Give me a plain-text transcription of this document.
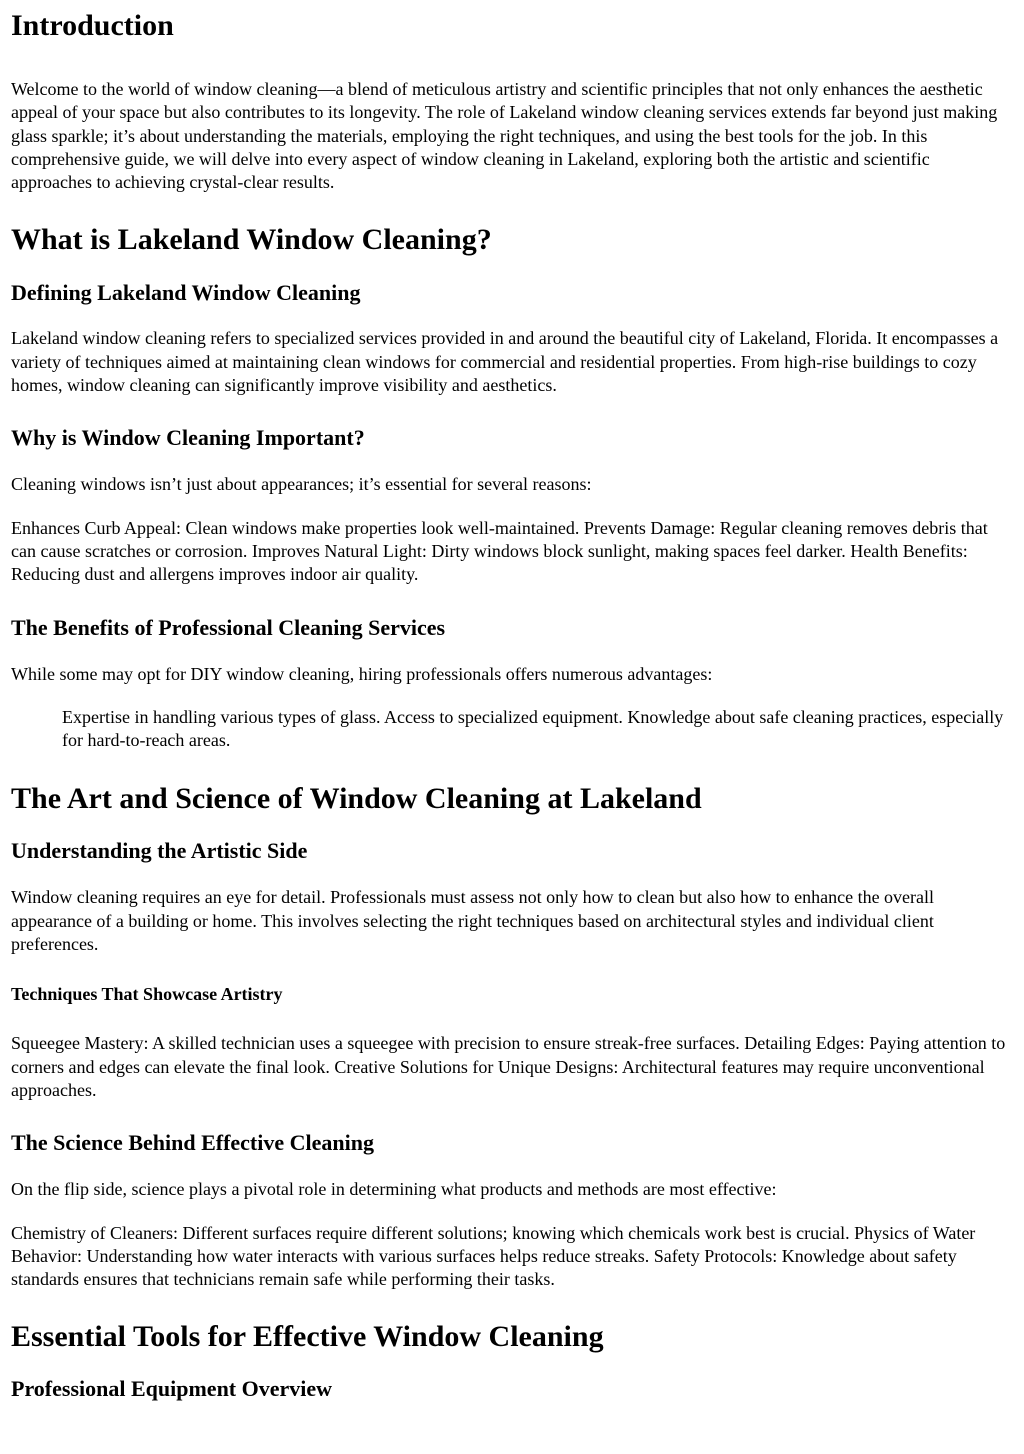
Introduction

Welcome to the world of window cleaning—a blend of meticulous artistry and scientific principles that not only enhances the aesthetic appeal of your space but also contributes to its longevity. The role of Lakeland window cleaning services extends far beyond just making glass sparkle; it’s about understanding the materials, employing the right techniques, and using the best tools for the job. In this comprehensive guide, we will delve into every aspect of window cleaning in Lakeland, exploring both the artistic and scientific approaches to achieving crystal-clear results.

What is Lakeland Window Cleaning?
Defining Lakeland Window Cleaning

Lakeland window cleaning refers to specialized services provided in and around the beautiful city of Lakeland, Florida. It encompasses a variety of techniques aimed at maintaining clean windows for commercial and residential properties. From high-rise buildings to cozy homes, window cleaning can significantly improve visibility and aesthetics.

Why is Window Cleaning Important?

Cleaning windows isn’t just about appearances; it’s essential for several reasons:

Enhances Curb Appeal: Clean windows make properties look well-maintained. Prevents Damage: Regular cleaning removes debris that can cause scratches or corrosion. Improves Natural Light: Dirty windows block sunlight, making spaces feel darker. Health Benefits: Reducing dust and allergens improves indoor air quality.

The Benefits of Professional Cleaning Services

While some may opt for DIY window cleaning, hiring professionals offers numerous advantages:

Expertise in handling various types of glass. Access to specialized equipment. Knowledge about safe cleaning practices, especially for hard-to-reach areas.

The Art and Science of Window Cleaning at Lakeland
Understanding the Artistic Side

Window cleaning requires an eye for detail. Professionals must assess not only how to clean but also how to enhance the overall appearance of a building or home. This involves selecting the right techniques based on architectural styles and individual client preferences.

Techniques That Showcase Artistry

Squeegee Mastery: A skilled technician uses a squeegee with precision to ensure streak-free surfaces. Detailing Edges: Paying attention to corners and edges can elevate the final look. Creative Solutions for Unique Designs: Architectural features may require unconventional approaches.

The Science Behind Effective Cleaning

On the flip side, science plays a pivotal role in determining what products and methods are most effective:

Chemistry of Cleaners: Different surfaces require different solutions; knowing which chemicals work best is crucial. Physics of Water Behavior: Understanding how water interacts with various surfaces helps reduce streaks. Safety Protocols: Knowledge about safety standards ensures that technicians remain safe while performing their tasks.

Essential Tools for Effective Window Cleaning
Professional Equipment Overview
